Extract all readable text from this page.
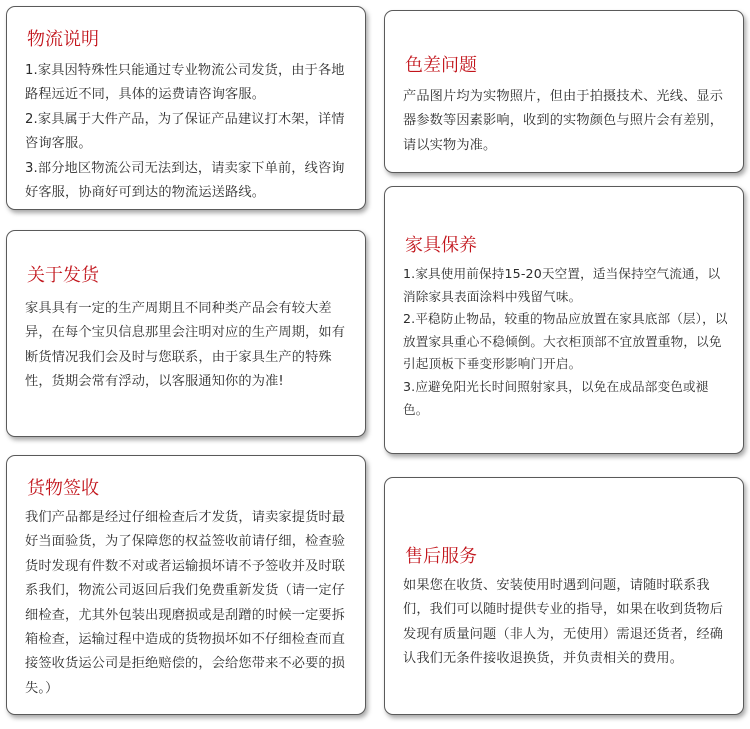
物流说明

1.家具因特殊性只能通过专业物流公司发货，由于各地路程远近不同，具体的运费请咨询客服。

2.家具属于大件产品，为了保证产品建议打木架，详情咨询客服。

3.部分地区物流公司无法到达，请卖家下单前，线咨询好客服，协商好可到达的物流运送路线。

色差问题

产品图片均为实物照片，但由于拍摄技术、光线、显示器参数等因素影响，收到的实物颜色与照片会有差别，请以实物为准。

关于发货

家具具有一定的生产周期且不同种类产品会有较大差异，在每个宝贝信息那里会注明对应的生产周期，如有断货情况我们会及时与您联系，由于家具生产的特殊性，货期会常有浮动，以客服通知你的为准!

家具保养

1.家具使用前保持15-20天空置，适当保持空气流通，以消除家具表面涂料中残留气味。

2.平稳防止物品，较重的物品应放置在家具底部（层），以放置家具重心不稳倾倒。大衣柜顶部不宜放置重物，以免引起顶板下垂变形影响门开启。

3.应避免阳光长时间照射家具，以免在成品部变色或褪色。

货物签收

我们产品都是经过仔细检查后才发货，请卖家提货时最好当面验货，为了保障您的权益签收前请仔细，检查验货时发现有件数不对或者运输损坏请不予签收并及时联系我们，物流公司返回后我们免费重新发货（请一定仔细检查，尤其外包装出现磨损或是刮蹭的时候一定要拆箱检查，运输过程中造成的货物损坏如不仔细检查而直接签收货运公司是拒绝赔偿的，会给您带来不必要的损失。）

售后服务

如果您在收货、安装使用时遇到问题，请随时联系我们，我们可以随时提供专业的指导，如果在收到货物后发现有质量问题（非人为，无使用）需退还货者，经确认我们无条件接收退换货，并负责相关的费用。
